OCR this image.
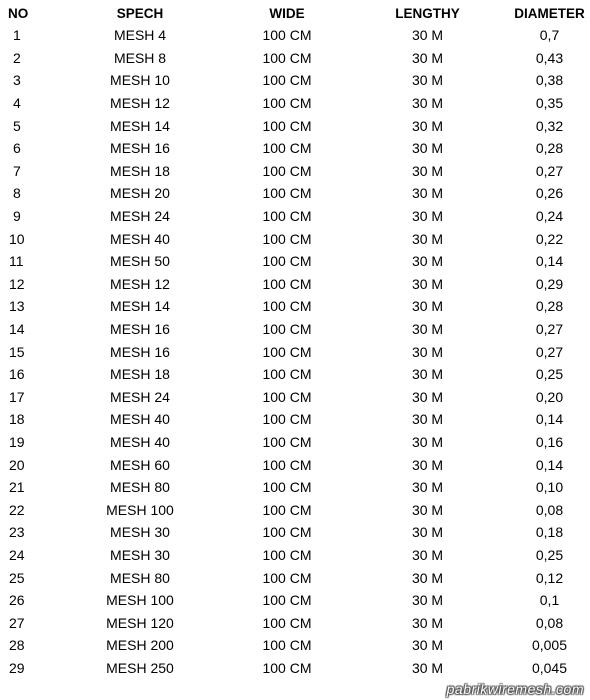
NO	SPECH	WIDE	LENGTHY	DIAMETER
1	MESH 4	100 CM	30 M	0,7
2	MESH 8	100 CM	30 M	0,43
3	MESH 10	100 CM	30 M	0,38
4	MESH 12	100 CM	30 M	0,35
5	MESH 14	100 CM	30 M	0,32
6	MESH 16	100 CM	30 M	0,28
7	MESH 18	100 CM	30 M	0,27
8	MESH 20	100 CM	30 M	0,26
9	MESH 24	100 CM	30 M	0,24
10	MESH 40	100 CM	30 M	0,22
11	MESH 50	100 CM	30 M	0,14
12	MESH 12	100 CM	30 M	0,29
13	MESH 14	100 CM	30 M	0,28
14	MESH 16	100 CM	30 M	0,27
15	MESH 16	100 CM	30 M	0,27
16	MESH 18	100 CM	30 M	0,25
17	MESH 24	100 CM	30 M	0,20
18	MESH 40	100 CM	30 M	0,14
19	MESH 40	100 CM	30 M	0,16
20	MESH 60	100 CM	30 M	0,14
21	MESH 80	100 CM	30 M	0,10
22	MESH 100	100 CM	30 M	0,08
23	MESH 30	100 CM	30 M	0,18
24	MESH 30	100 CM	30 M	0,25
25	MESH 80	100 CM	30 M	0,12
26	MESH 100	100 CM	30 M	0,1
27	MESH 120	100 CM	30 M	0,08
28	MESH 200	100 CM	30 M	0,005
29	MESH 250	100 CM	30 M	0,045
pabrikwiremesh.com
